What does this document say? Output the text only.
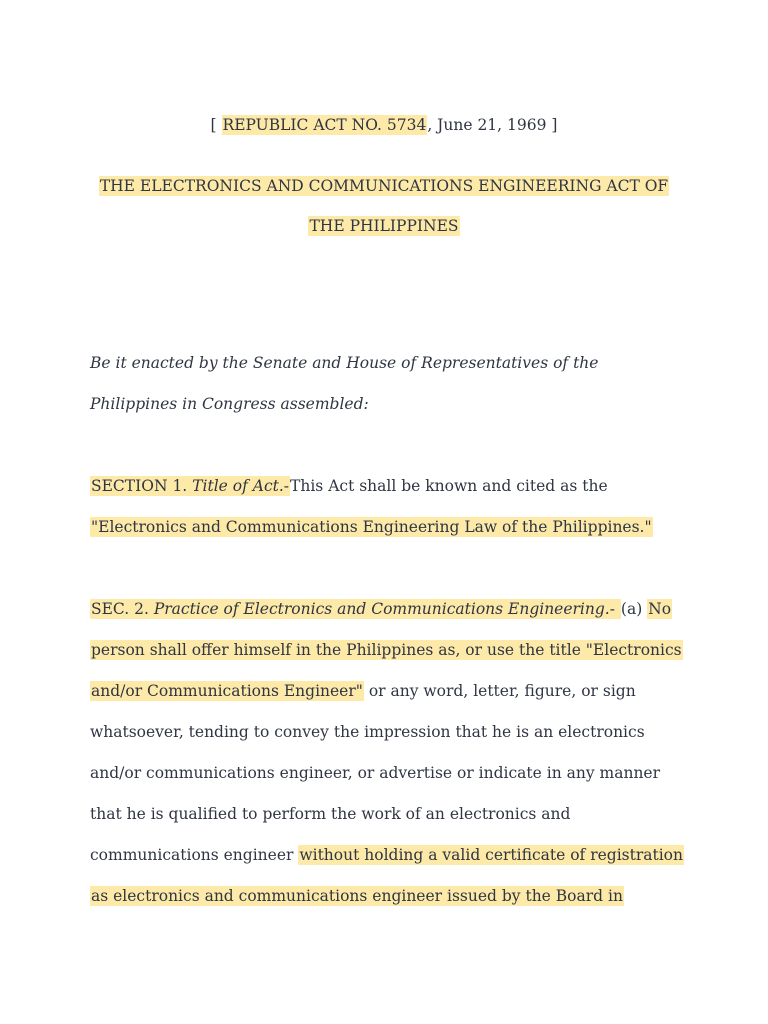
[ REPUBLIC ACT NO. 5734, June 21, 1969 ]
THE ELECTRONICS AND COMMUNICATIONS ENGINEERING ACT OF
THE PHILIPPINES
Be it enacted by the Senate and House of Representatives of the
Philippines in Congress assembled:
SECTION 1. Title of Act.-This Act shall be known and cited as the
"Electronics and Communications Engineering Law of the Philippines."
SEC. 2. Practice of Electronics and Communications Engineering.- (a) No
person shall offer himself in the Philippines as, or use the title "Electronics
and/or Communications Engineer" or any word, letter, figure, or sign
whatsoever, tending to convey the impression that he is an electronics
and/or communications engineer, or advertise or indicate in any manner
that he is qualified to perform the work of an electronics and
communications engineer without holding a valid certificate of registration
as electronics and communications engineer issued by the Board in
